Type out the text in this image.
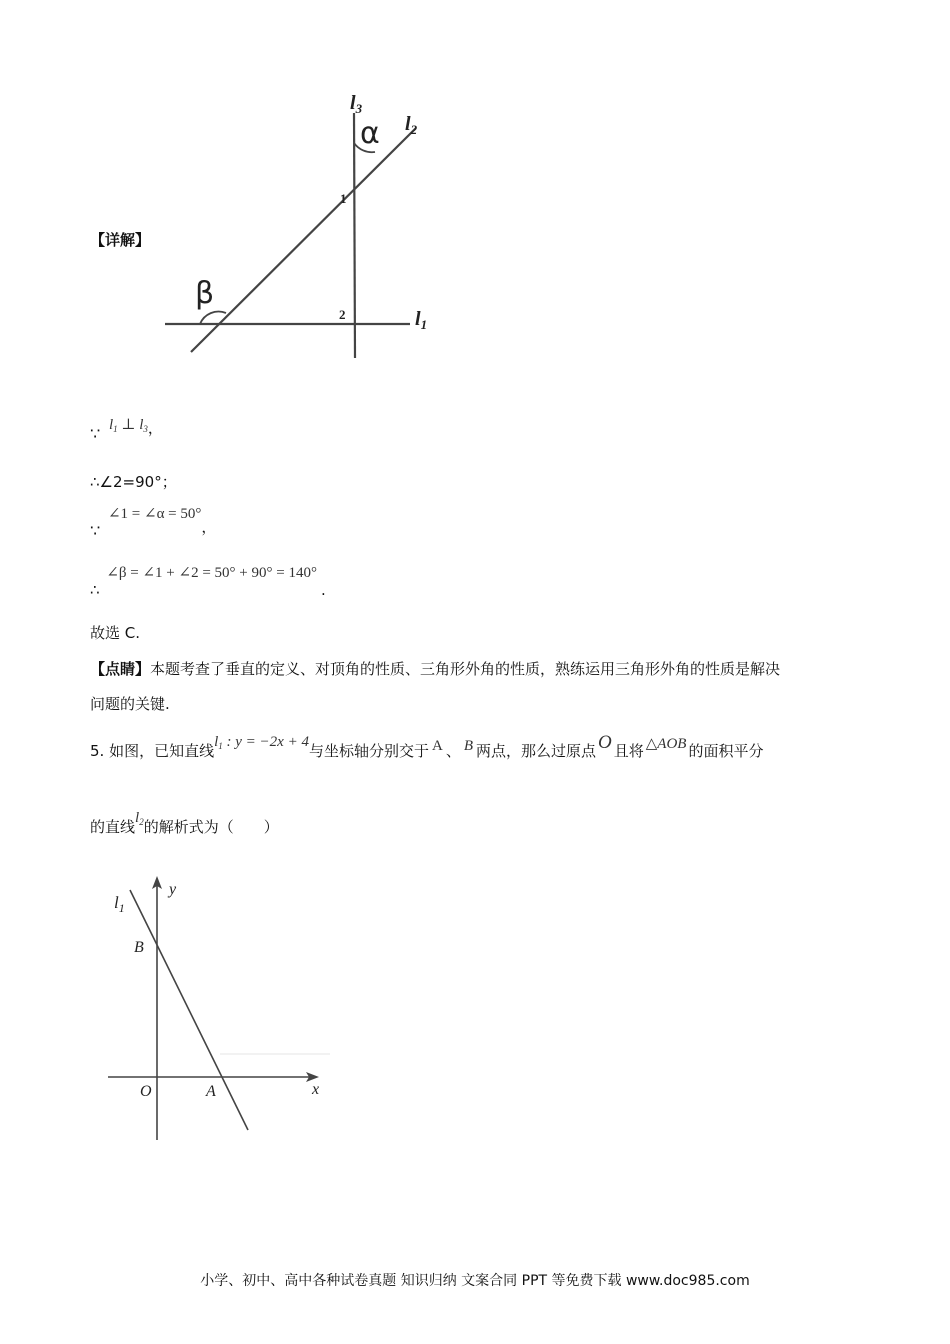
$l_3$
$l_2$
$l_1$
α
β
1
2
【详解】
∵ $l_1$ ⊥ $l_3$，
∴∠2=90°；
∵ ∠1 = ∠α = 50°，
∴ ∠β = ∠1 + ∠2 = 50° + 90° = 140°.
故选 C.
【点睛】本题考查了垂直的定义、对顶角的性质、三角形外角的性质，熟练运用三角形外角的性质是解决
问题的关键.
5. 如图，已知直线$l_1$ : y = −2x + 4与坐标轴分别交于 A 、 B 两点，那么过原点 O 且将 △AOB 的面积平分
的直线$l_2$的解析式为（　　）
$l_1$
y
x
B
O	A
小学、初中、高中各种试卷真题 知识归纳 文案合同 PPT 等免费下载 www.doc985.com
